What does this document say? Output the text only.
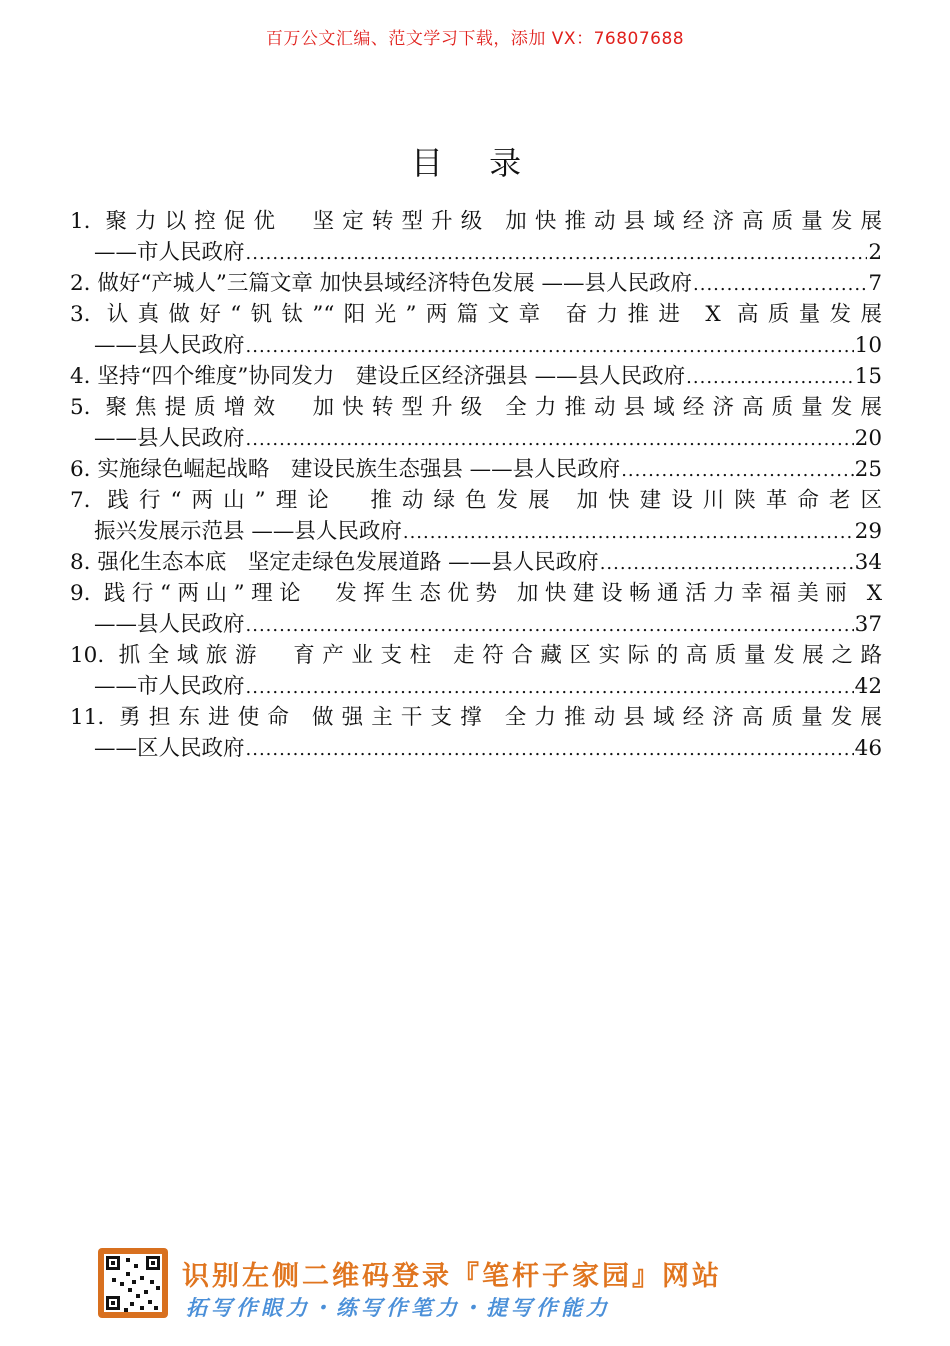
百万公文汇编、范文学习下载，添加 VX：76807688
目 录
1. 聚力以控促优　坚定转型升级 加快推动县域经济高质量发展
——市人民政府 .....	2
2. 做好“产城人”三篇文章 加快县域经济特色发展 ——县人民政府 .....	7
3. 认真做好“钒钛”“阳光”两篇文章 奋力推进 X 高质量发展
——县人民政府 .....	10
4. 坚持“四个维度”协同发力　建设丘区经济强县 ——县人民政府 .....	15
5. 聚焦提质增效　加快转型升级 全力推动县域经济高质量发展
——县人民政府 .....	20
6. 实施绿色崛起战略　建设民族生态强县 ——县人民政府 .....	25
7. 践行“两山”理论　推动绿色发展 加快建设川陕革命老区
振兴发展示范县 ——县人民政府 .....	29
8. 强化生态本底　坚定走绿色发展道路 ——县人民政府 .....	34
9. 践行“两山”理论　发挥生态优势 加快建设畅通活力幸福美丽 X
——县人民政府 .....	37
10. 抓全域旅游　育产业支柱 走符合藏区实际的高质量发展之路
——市人民政府 .....	42
11. 勇担东进使命 做强主干支撑 全力推动县域经济高质量发展
——区人民政府 .....	46
识别左侧二维码登录『笔杆子家园』网站
拓写作眼力・练写作笔力・提写作能力
